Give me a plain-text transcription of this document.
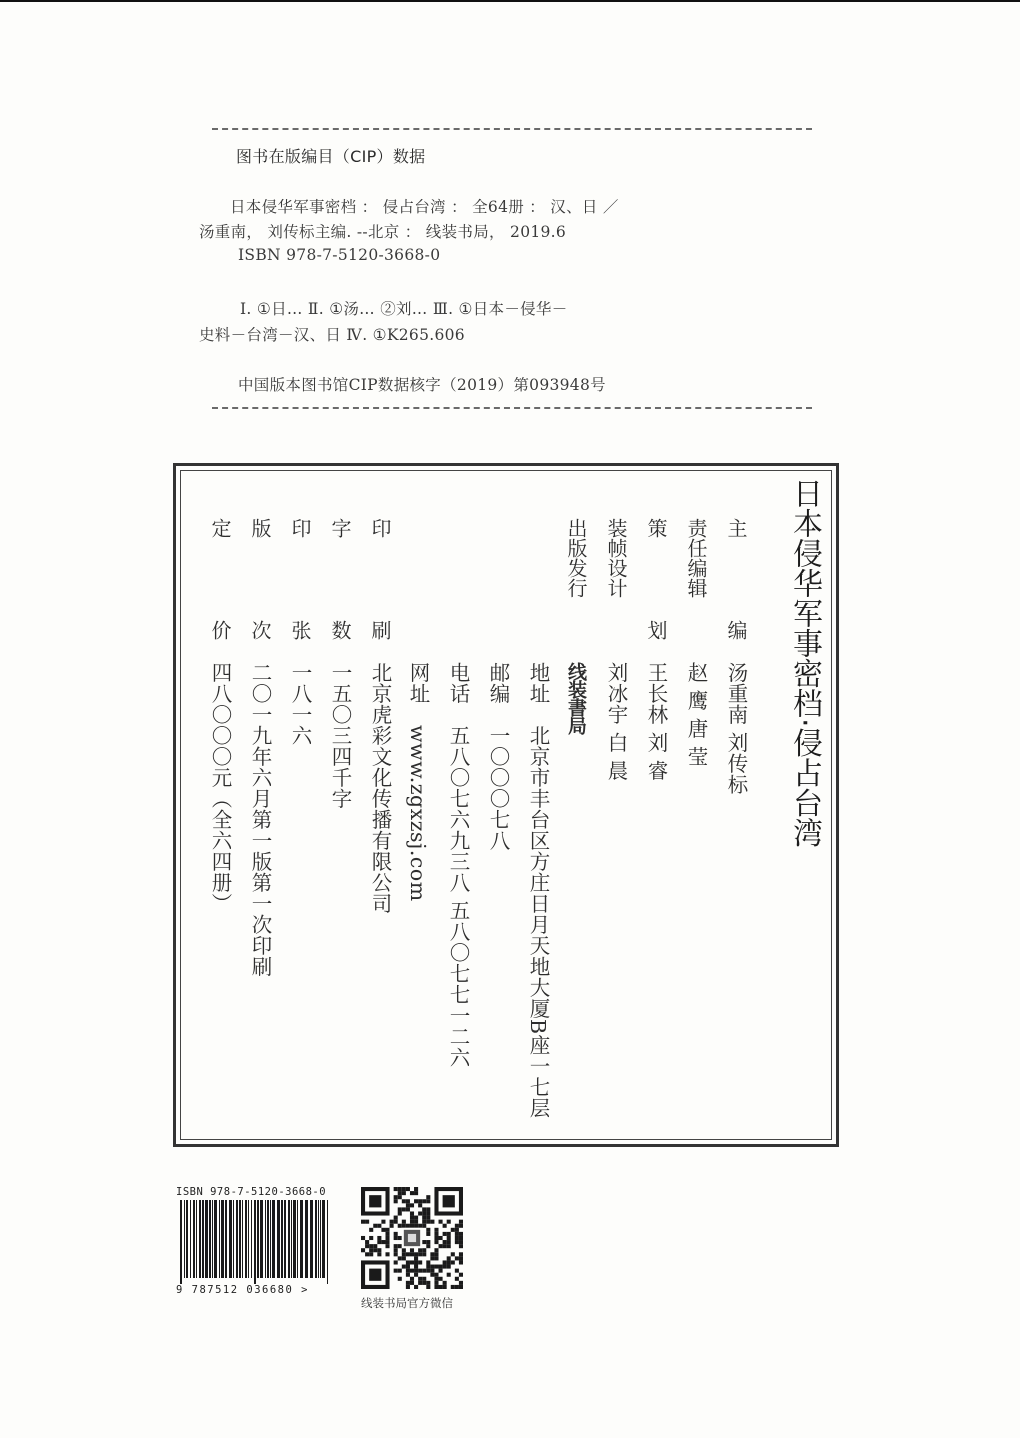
图书在版编目（CIP）数据
日本侵华军事密档 ： 侵占台湾 ： 全64册 ： 汉、日 ／
汤重南， 刘传标主编. --北京 ： 线装书局， 2019.6
ISBN 978-7-5120-3668-0
Ⅰ. ①日… Ⅱ. ①汤… ②刘… Ⅲ. ①日本－侵华－
史料－台湾－汉、日 Ⅳ. ①K265.606
中国版本图书馆CIP数据核字（2019）第093948号
日本侵华军事密档·侵占台湾
主编
责任编辑
策划
装帧设计
出版发行
印刷
字数
印张
版次
定价
汤重南 刘传标
赵 鹰 唐 莹
王长林 刘 睿
刘冰宇 白 晨
线装書局
地址　北京市丰台区方庄日月天地大厦B座一七层
邮编　一〇〇〇七八
电话　五八〇七六九三八 五八〇七七一二六
网址　www.zgxzsj.com
北京虎彩文化传播有限公司
一五〇三四千字
一八一六
二〇一九年六月第一版第一次印刷
四八〇〇〇元（全六四册）
ISBN 978-7-5120-3668-0
9 787512 036680 >
线装书局官方微信
